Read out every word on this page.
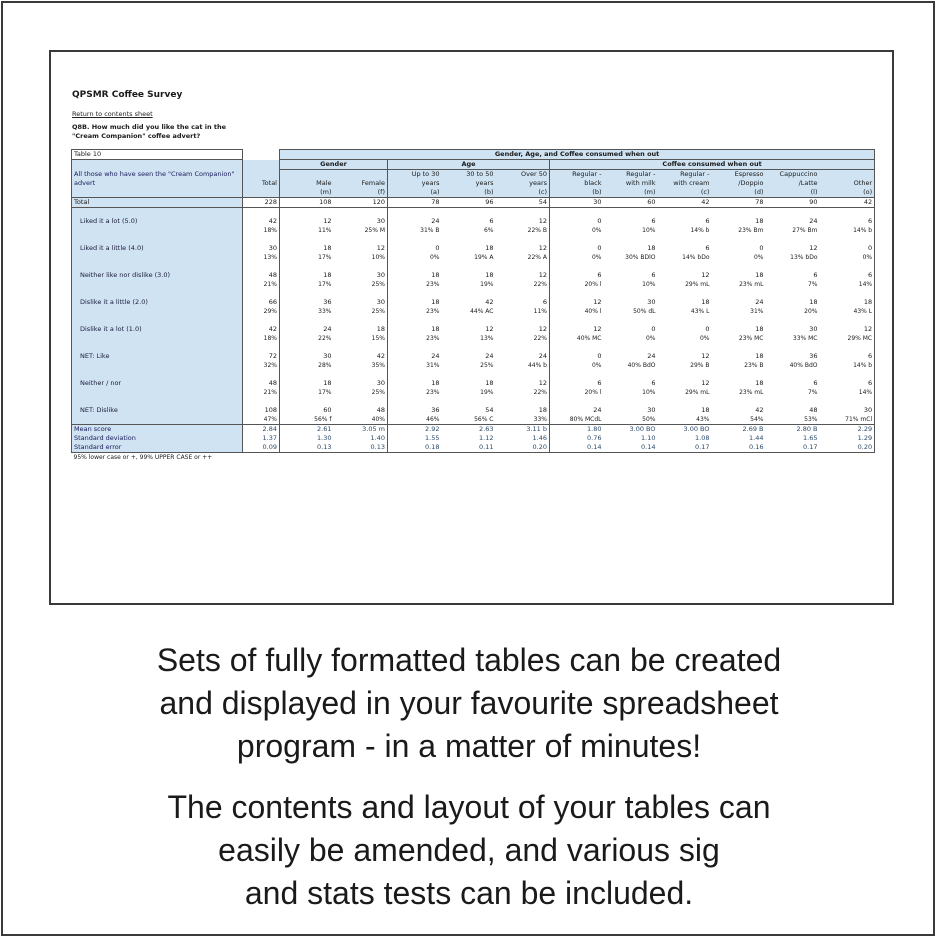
QPSMR Coffee Survey
Return to contents sheet
Q8B. How much did you like the cat in the "Cream Companion" coffee advert?
Table 10		Gender, Age, and Coffee consumed when out										
		Gender		Age			Coffee consumed when out					
All those who have seen the "Cream Companion" advert				Up to 30	30 to 50	Over 50	Regular -	Regular -	Regular -	Espresso	Cappuccino	
	Total	Male	Female	years	years	years	black	with milk	with cream	/Doppio	/Latte	Other
		(m)	(f)	(a)	(b)	(c)	(b)	(m)	(c)	(d)	(l)	(o)
Total	228	108	120	78	96	54	30	60	42	78	90	42

Liked it a lot (5.0)	42	12	30	24	6	12	0	6	6	18	24	6
	18%	11%	25% M	31% B	6%	22% B	0%	10%	14% b	23% Bm	27% Bm	14% b

Liked it a little (4.0)	30	18	12	0	18	12	0	18	6	0	12	0
	13%	17%	10%	0%	19% A	22% A	0%	30% BDlO	14% bDo	0%	13% bDo	0%

Neither like nor dislike (3.0)	48	18	30	18	18	12	6	6	12	18	6	6
	21%	17%	25%	23%	19%	22%	20% l	10%	29% mL	23% mL	7%	14%

Dislike it a little (2.0)	66	36	30	18	42	6	12	30	18	24	18	18
	29%	33%	25%	23%	44% AC	11%	40% l	50% dL	43% L	31%	20%	43% L

Dislike it a lot (1.0)	42	24	18	18	12	12	12	0	0	18	30	12
	18%	22%	15%	23%	13%	22%	40% MC	0%	0%	23% MC	33% MC	29% MC

NET: Like	72	30	42	24	24	24	0	24	12	18	36	6
	32%	28%	35%	31%	25%	44% b	0%	40% BdO	29% B	23% B	40% BdO	14% b

Neither / nor	48	18	30	18	18	12	6	6	12	18	6	6
	21%	17%	25%	23%	19%	22%	20% l	10%	29% mL	23% mL	7%	14%

NET: Dislike	108	60	48	36	54	18	24	30	18	42	48	30
	47%	56% f	40%	46%	56% C	33%	80% MCdL	50%	43%	54%	53%	71% mCl
Mean score	2.84	2.61	3.05 m	2.92	2.63	3.11 b	1.80	3.00 BO	3.00 BO	2.69 B	2.80 B	2.29
Standard deviation	1.37	1.30	1.40	1.55	1.12	1.46	0.76	1.10	1.08	1.44	1.65	1.29
Standard error	0.09	0.13	0.13	0.18	0.11	0.20	0.14	0.14	0.17	0.16	0.17	0.20
95% lower case or +, 99% UPPER CASE or ++												
Sets of fully formatted tables can be created
and displayed in your favourite spreadsheet
program - in a matter of minutes!
The contents and layout of your tables can
easily be amended, and various sig
and stats tests can be included.
